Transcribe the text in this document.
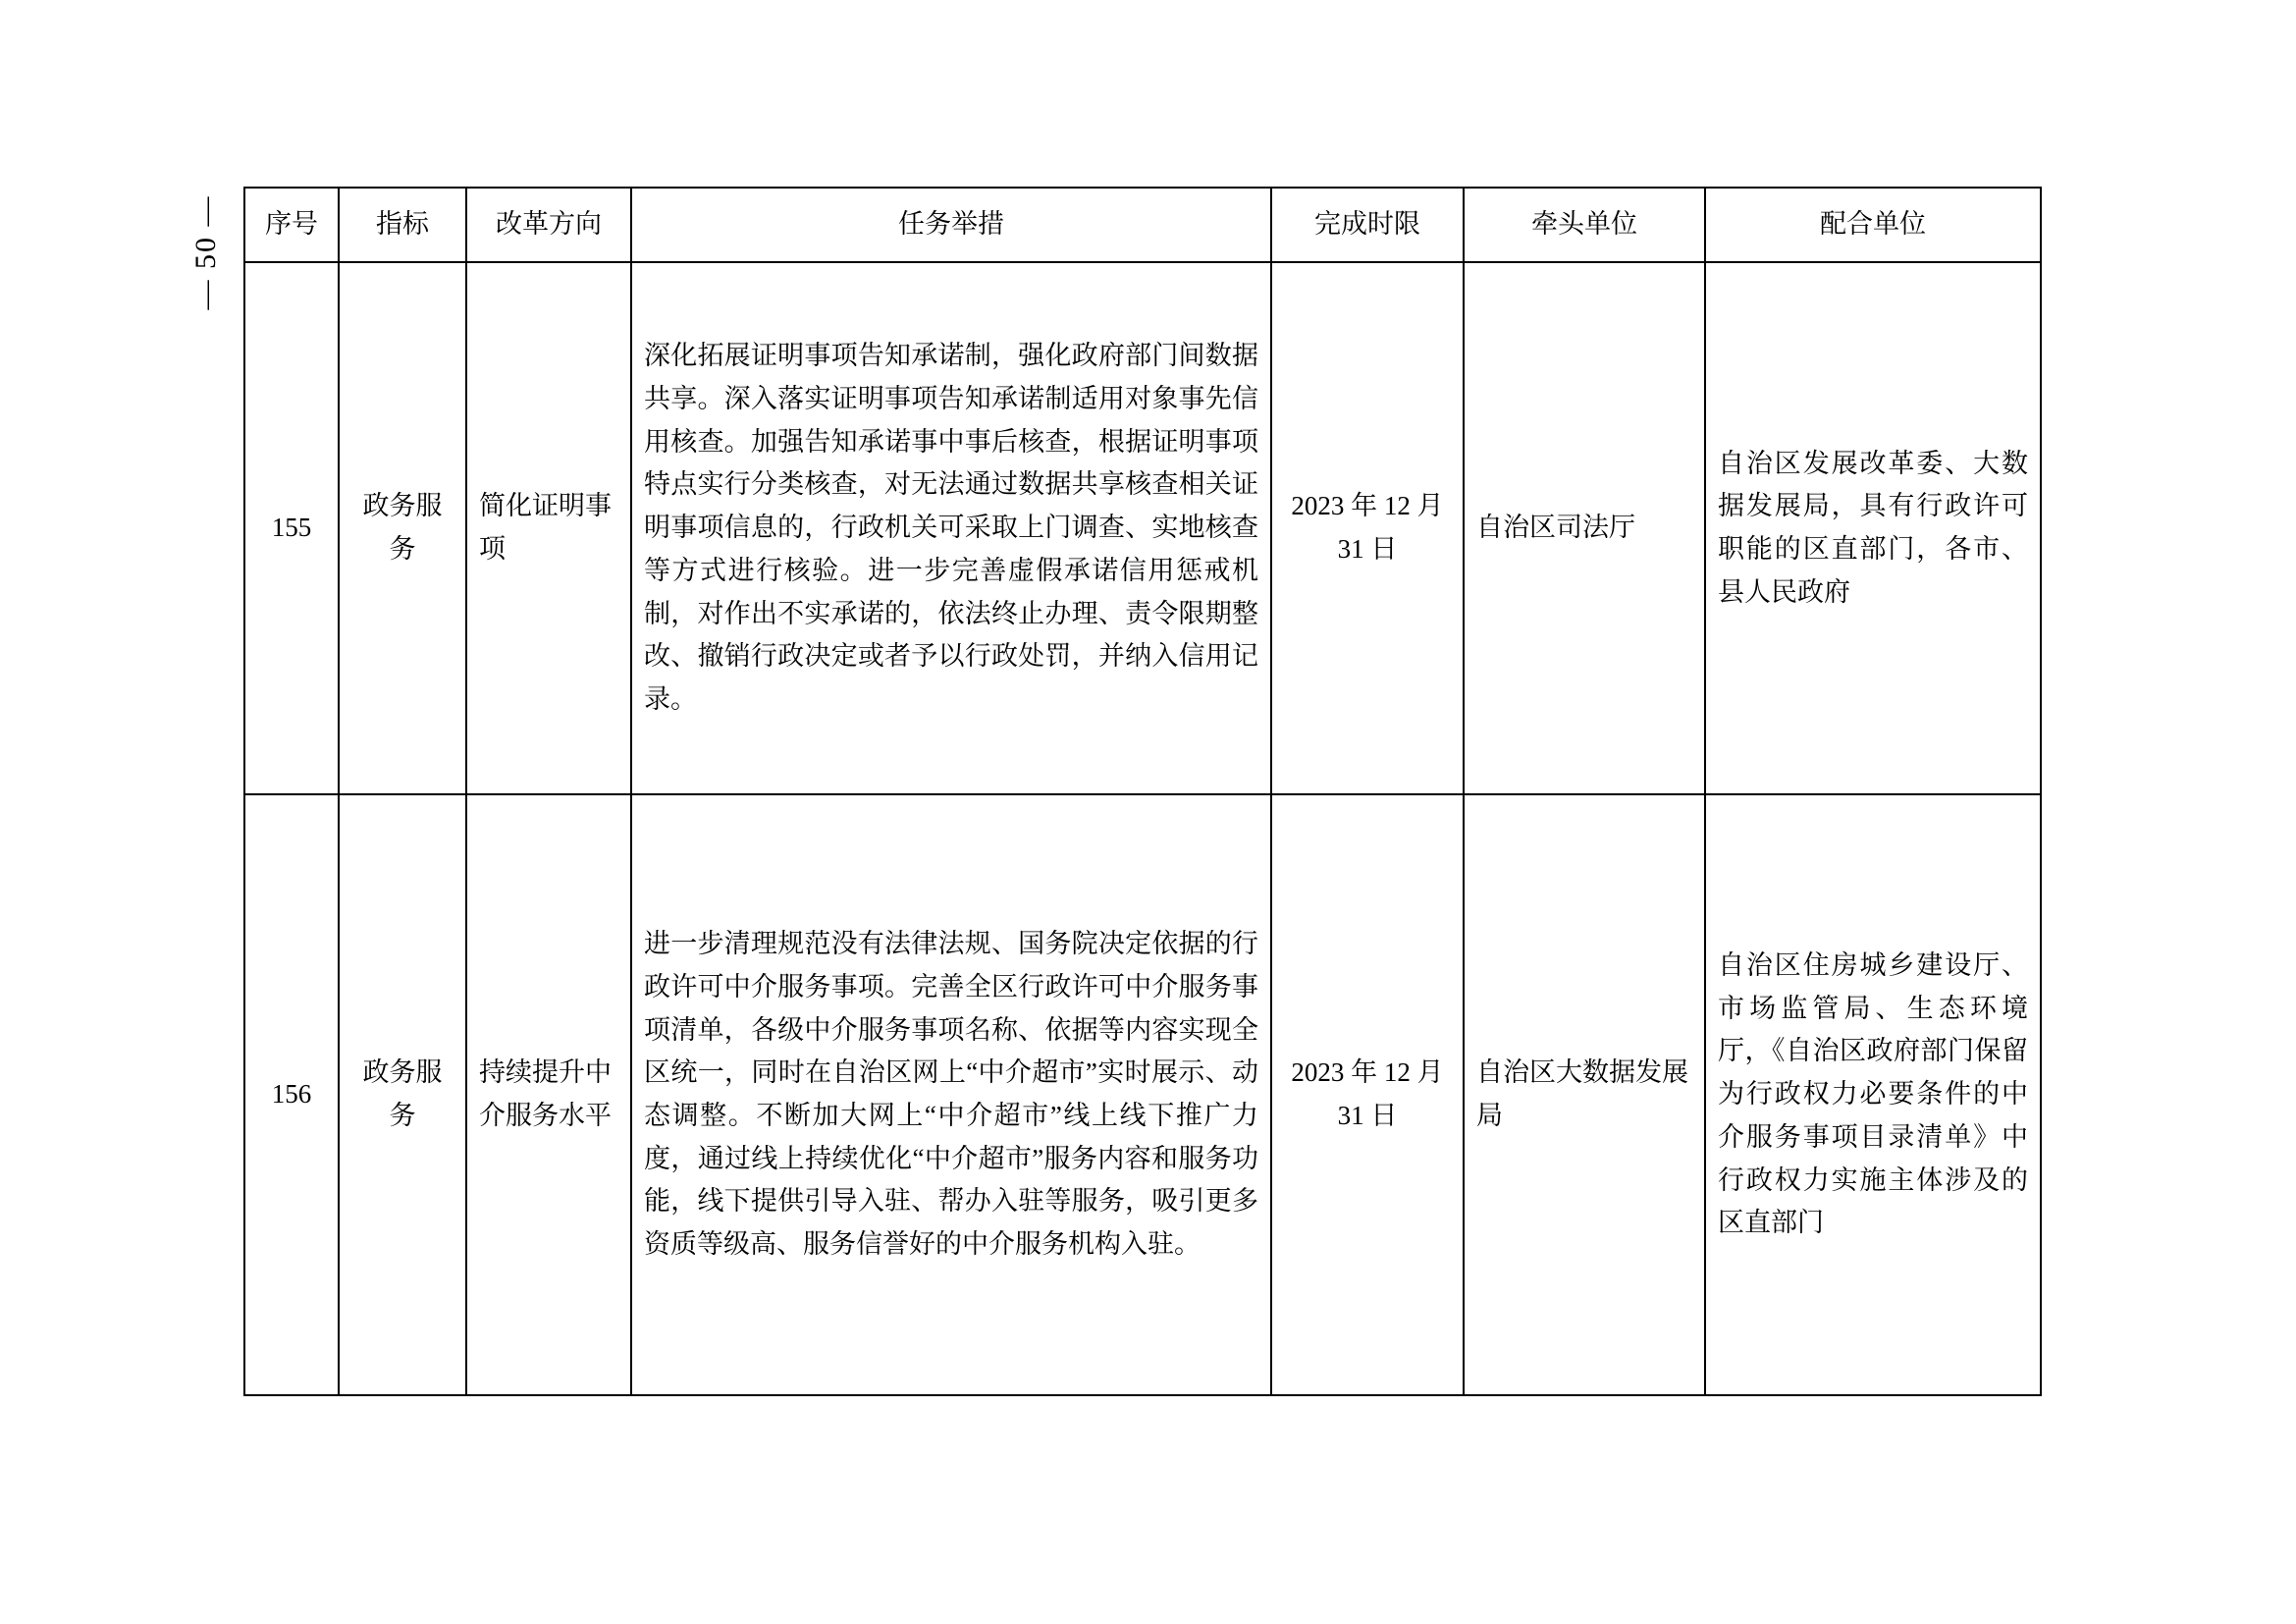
— 50 — 序号	指标	改革方向	任务举措	完成时限	牵头单位	配合单位
155	政务服务	简化证明事项	深化拓展证明事项告知承诺制，强化政府部门间数据共享。深入落实证明事项告知承诺制适用对象事先信用核查。加强告知承诺事中事后核查，根据证明事项特点实行分类核查，对无法通过数据共享核查相关证明事项信息的，行政机关可采取上门调查、实地核查等方式进行核验。进一步完善虚假承诺信用惩戒机制，对作出不实承诺的，依法终止办理、责令限期整改、撤销行政决定或者予以行政处罚，并纳入信用记录。	2023 年 12 月 31 日	自治区司法厅	自治区发展改革委、大数据发展局，具有行政许可职能的区直部门，各市、县人民政府
156	政务服务	持续提升中介服务水平	进一步清理规范没有法律法规、国务院决定依据的行政许可中介服务事项。完善全区行政许可中介服务事项清单，各级中介服务事项名称、依据等内容实现全区统一，同时在自治区网上“中介超市”实时展示、动态调整。不断加大网上“中介超市”线上线下推广力度，通过线上持续优化“中介超市”服务内容和服务功能，线下提供引导入驻、帮办入驻等服务，吸引更多资质等级高、服务信誉好的中介服务机构入驻。	2023 年 12 月 31 日	自治区大数据发展局	自治区住房城乡建设厅、市场监管局、生态环境厅，《自治区政府部门保留为行政权力必要条件的中介服务事项目录清单》中行政权力实施主体涉及的区直部门
